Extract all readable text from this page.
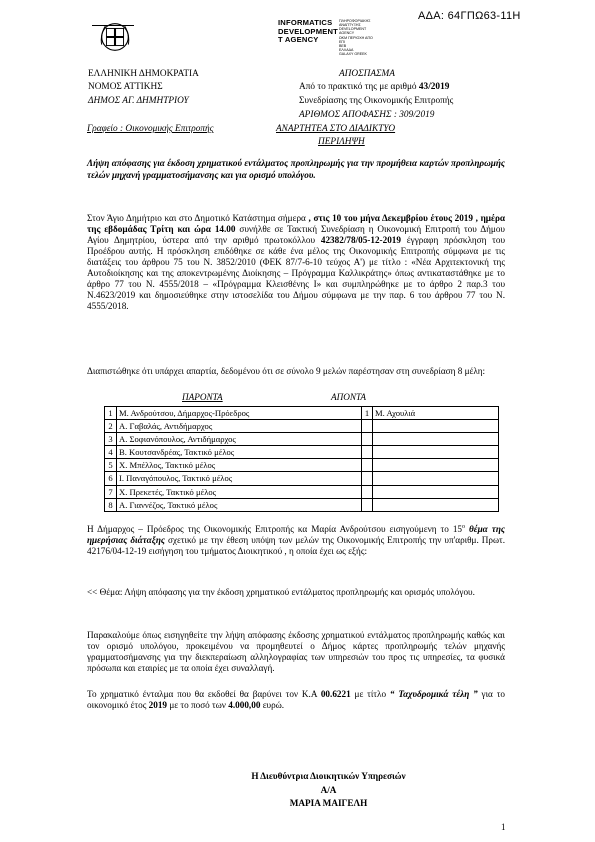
ΑΔΑ: 64ΓΠΩ63-11Η
INFORMATICS
DEVELOPMENT
T AGENCY
ΠΛΗΡΟΦΟΡΙΑΚΗΣ
ΑΝΑΠΤΥΞΗΣ
DEVELOPMENT AGENCY
ΩΚΜ ΠΕΡΙΟΧΗ ΑΠΟ ΕΠΙ
ΒΕΒ
ΕΛΛΑΔΑ
GALAXY GREEK
ΕΛΛΗΝΙΚΗ ΔΗΜΟΚΡΑΤΙΑ
ΝΟΜΟΣ ΑΤΤΙΚΗΣ
ΔΗΜΟΣ ΑΓ. ΔΗΜΗΤΡΙΟΥ
Γραφείο : Οικονομικής Επιτροπής
ΑΠΟΣΠΑΣΜΑ
Από το πρακτικό της με αριθμό 43/2019
Συνεδρίασης της Οικονομικής Επιτροπής
ΑΡΙΘΜΟΣ ΑΠΟΦΑΣΗΣ : 309/2019
ΑΝΑΡΤΗΤΕΑ ΣΤΟ ΔΙΑΔΙΚΤΥΟ
ΠΕΡΙΛΗΨΗ
Λήψη απόφασης για έκδοση χρηματικού εντάλματος προπληρωμής για την προμήθεια καρτών προπληρωμής τελών μηχανή γραμματοσήμανσης και για ορισμό υπολόγου.
Στον Άγιο Δημήτριο και στο Δημοτικό Κατάστημα σήμερα , στις 10 του μήνα Δεκεμβρίου έτους 2019 , ημέρα της εβδομάδας Τρίτη και ώρα 14.00 συνήλθε σε Τακτική Συνεδρίαση η Οικονομική Επιτροπή του Δήμου Αγίου Δημητρίου, ύστερα από την αριθμό πρωτοκόλλου 42382/78/05-12-2019 έγγραφη πρόσκληση του Προέδρου αυτής. Η πρόσκληση επιδόθηκε σε κάθε ένα μέλος της Οικονομικής Επιτροπής σύμφωνα με τις διατάξεις του άρθρου 75 του Ν. 3852/2010 (ΦΕΚ 87/7-6-10 τεύχος Α') με τίτλο : «Νέα Αρχιτεκτονική της Αυτοδιοίκησης και της αποκεντρωμένης Διοίκησης – Πρόγραμμα Καλλικράτης» όπως αντικαταστάθηκε με το άρθρο 77 του Ν. 4555/2018 – «Πρόγραμμα Κλεισθένης Ι» και συμπληρώθηκε με το άρθρο 2 παρ.3 του Ν.4623/2019 και δημοσιεύθηκε στην ιστοσελίδα του Δήμου σύμφωνα με την παρ. 6 του άρθρου 77 του Ν. 4555/2018.
Διαπιστώθηκε ότι υπάρχει απαρτία, δεδομένου ότι σε σύνολο 9 μελών παρέστησαν στη συνεδρίαση 8 μέλη:
ΠΑΡΟΝΤΑ	ΑΠΟΝΤΑ
1	Μ. Ανδρούτσου, Δήμαρχος-Πρόεδρος	1	Μ. Αχουλιά
2	Α. Γαβαλάς, Αντιδήμαρχος		
3	Α. Σοφιανόπουλος, Αντιδήμαρχος		
4	Β. Κουτσανδρέας, Τακτικό μέλος		
5	Χ. Μπέλλος, Τακτικό μέλος		
6	Ι. Παναγόπουλος, Τακτικό μέλος		
7	Χ. Πρεκετές, Τακτικό μέλος		
8	Α. Γιαννέζος, Τακτικό μέλος		
Η Δήμαρχος – Πρόεδρος της Οικονομικής Επιτροπής κα Μαρία Ανδρούτσου εισηγούμενη το $15^o$ θέμα της ημερήσιας διάταξης σχετικό με την έθεση υπόψη των μελών της Οικονομικής Επιτροπής την υπ'αριθμ. Πρωτ. 42176/04-12-19 εισήγηση του τμήματος Διοικητικού , η οποία έχει ως εξής:
<< Θέμα: Λήψη απόφασης για την έκδοση χρηματικού εντάλματος προπληρωμής και ορισμός υπολόγου.
Παρακαλούμε όπως εισηγηθείτε την λήψη απόφασης έκδοσης χρηματικού εντάλματος προπληρωμής καθώς και τον ορισμό υπολόγου, προκειμένου να προμηθευτεί ο Δήμος κάρτες προπληρωμής τελών μηχανής γραμματοσήμανσης για την διεκπεραίωση αλληλογραφίας των υπηρεσιών του προς τις υπηρεσίες, τα φυσικά πρόσωπα και εταιρίες με τα οποία έχει συναλλαγή.
Το χρηματικό ένταλμα που θα εκδοθεί θα βαρύνει τον Κ.Α 00.6221 με τίτλο “ Ταχυδρομικά τέλη ” για το οικονομικό έτος 2019 με το ποσό των 4.000,00 ευρώ.
Η Διευθύντρια Διοικητικών Υπηρεσιών
Α/Α
ΜΑΡΙΑ ΜΑΙΓΕΛΗ
1
